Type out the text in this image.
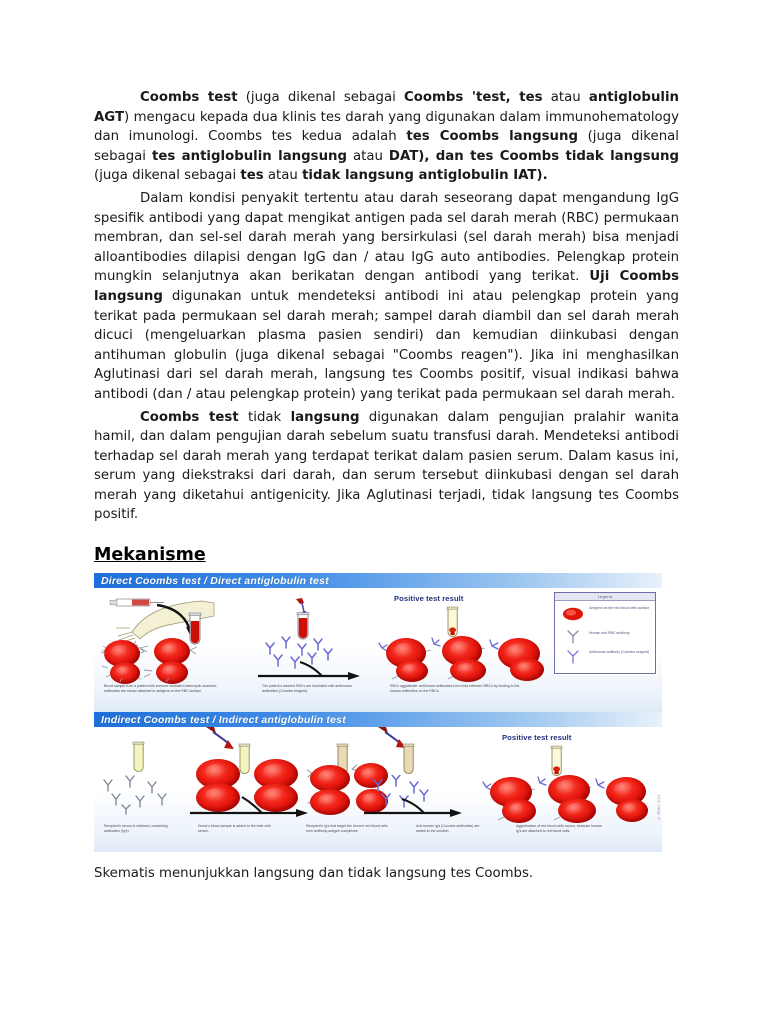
Coombs test (juga dikenal sebagai Coombs 'test, tes atau antiglobulin AGT) mengacu kepada dua klinis tes darah yang digunakan dalam immunohematology dan imunologi. Coombs tes kedua adalah tes Coombs langsung (juga dikenal sebagai tes antiglobulin langsung atau DAT), dan tes Coombs tidak langsung (juga dikenal sebagai tes atau tidak langsung antiglobulin IAT).

Dalam kondisi penyakit tertentu atau darah seseorang dapat mengandung IgG spesifik antibodi yang dapat mengikat antigen pada sel darah merah (RBC) permukaan membran, dan sel-sel darah merah yang bersirkulasi (sel darah merah) bisa menjadi alloantibodies dilapisi dengan IgG dan / atau IgG auto antibodies. Pelengkap protein mungkin selanjutnya akan berikatan dengan antibodi yang terikat. Uji Coombs langsung digunakan untuk mendeteksi antibodi ini atau pelengkap protein yang terikat pada permukaan sel darah merah; sampel darah diambil dan sel darah merah dicuci (mengeluarkan plasma pasien sendiri) dan kemudian diinkubasi dengan antihuman globulin (juga dikenal sebagai "Coombs reagen"). Jika ini menghasilkan Aglutinasi dari sel darah merah, langsung tes Coombs positif, visual indikasi bahwa antibodi (dan / atau pelengkap protein) yang terikat pada permukaan sel darah merah.

Coombs test tidak langsung digunakan dalam pengujian pralahir wanita hamil, dan dalam pengujian darah sebelum suatu transfusi darah. Mendeteksi antibodi terhadap sel darah merah yang terdapat terikat dalam pasien serum. Dalam kasus ini, serum yang diekstraksi dari darah, dan serum tersebut diinkubasi dengan sel darah merah yang diketahui antigenicity. Jika Aglutinasi terjadi, tidak langsung tes Coombs positif.

Mekanisme
Direct Coombs test / Direct antiglobulin test
Positive test result	Legend
Antigens on the red blood cells surface
Human anti-RBC antibody
Antihuman antibody (Coombs reagent)
Blood sample from a patient with immune mediated haemolytic anaemia; antibodies are shown attached to antigens on the RBC surface.
The patient's washed RBCs are incubated with antihuman antibodies (Coombs reagent).
RBCs agglutinate: antihuman antibodies form links between RBCs by binding to the human antibodies on the RBCs.
Indirect Coombs test / Indirect antiglobulin test
Positive test result
© RNDr. 2011
Recipient's serum is obtained, containing antibodies (Ig's).
Donor's blood sample is added to the tube with serum.
Recipient's Ig's that target the donor's red blood cells form antibody-antigen complexes.
Anti-human Ig's (Coombs antibodies) are added to the solution.
Agglutination of red blood cells occurs, because human Ig's are attached to red blood cells.
Skematis menunjukkan langsung dan tidak langsung tes Coombs.
